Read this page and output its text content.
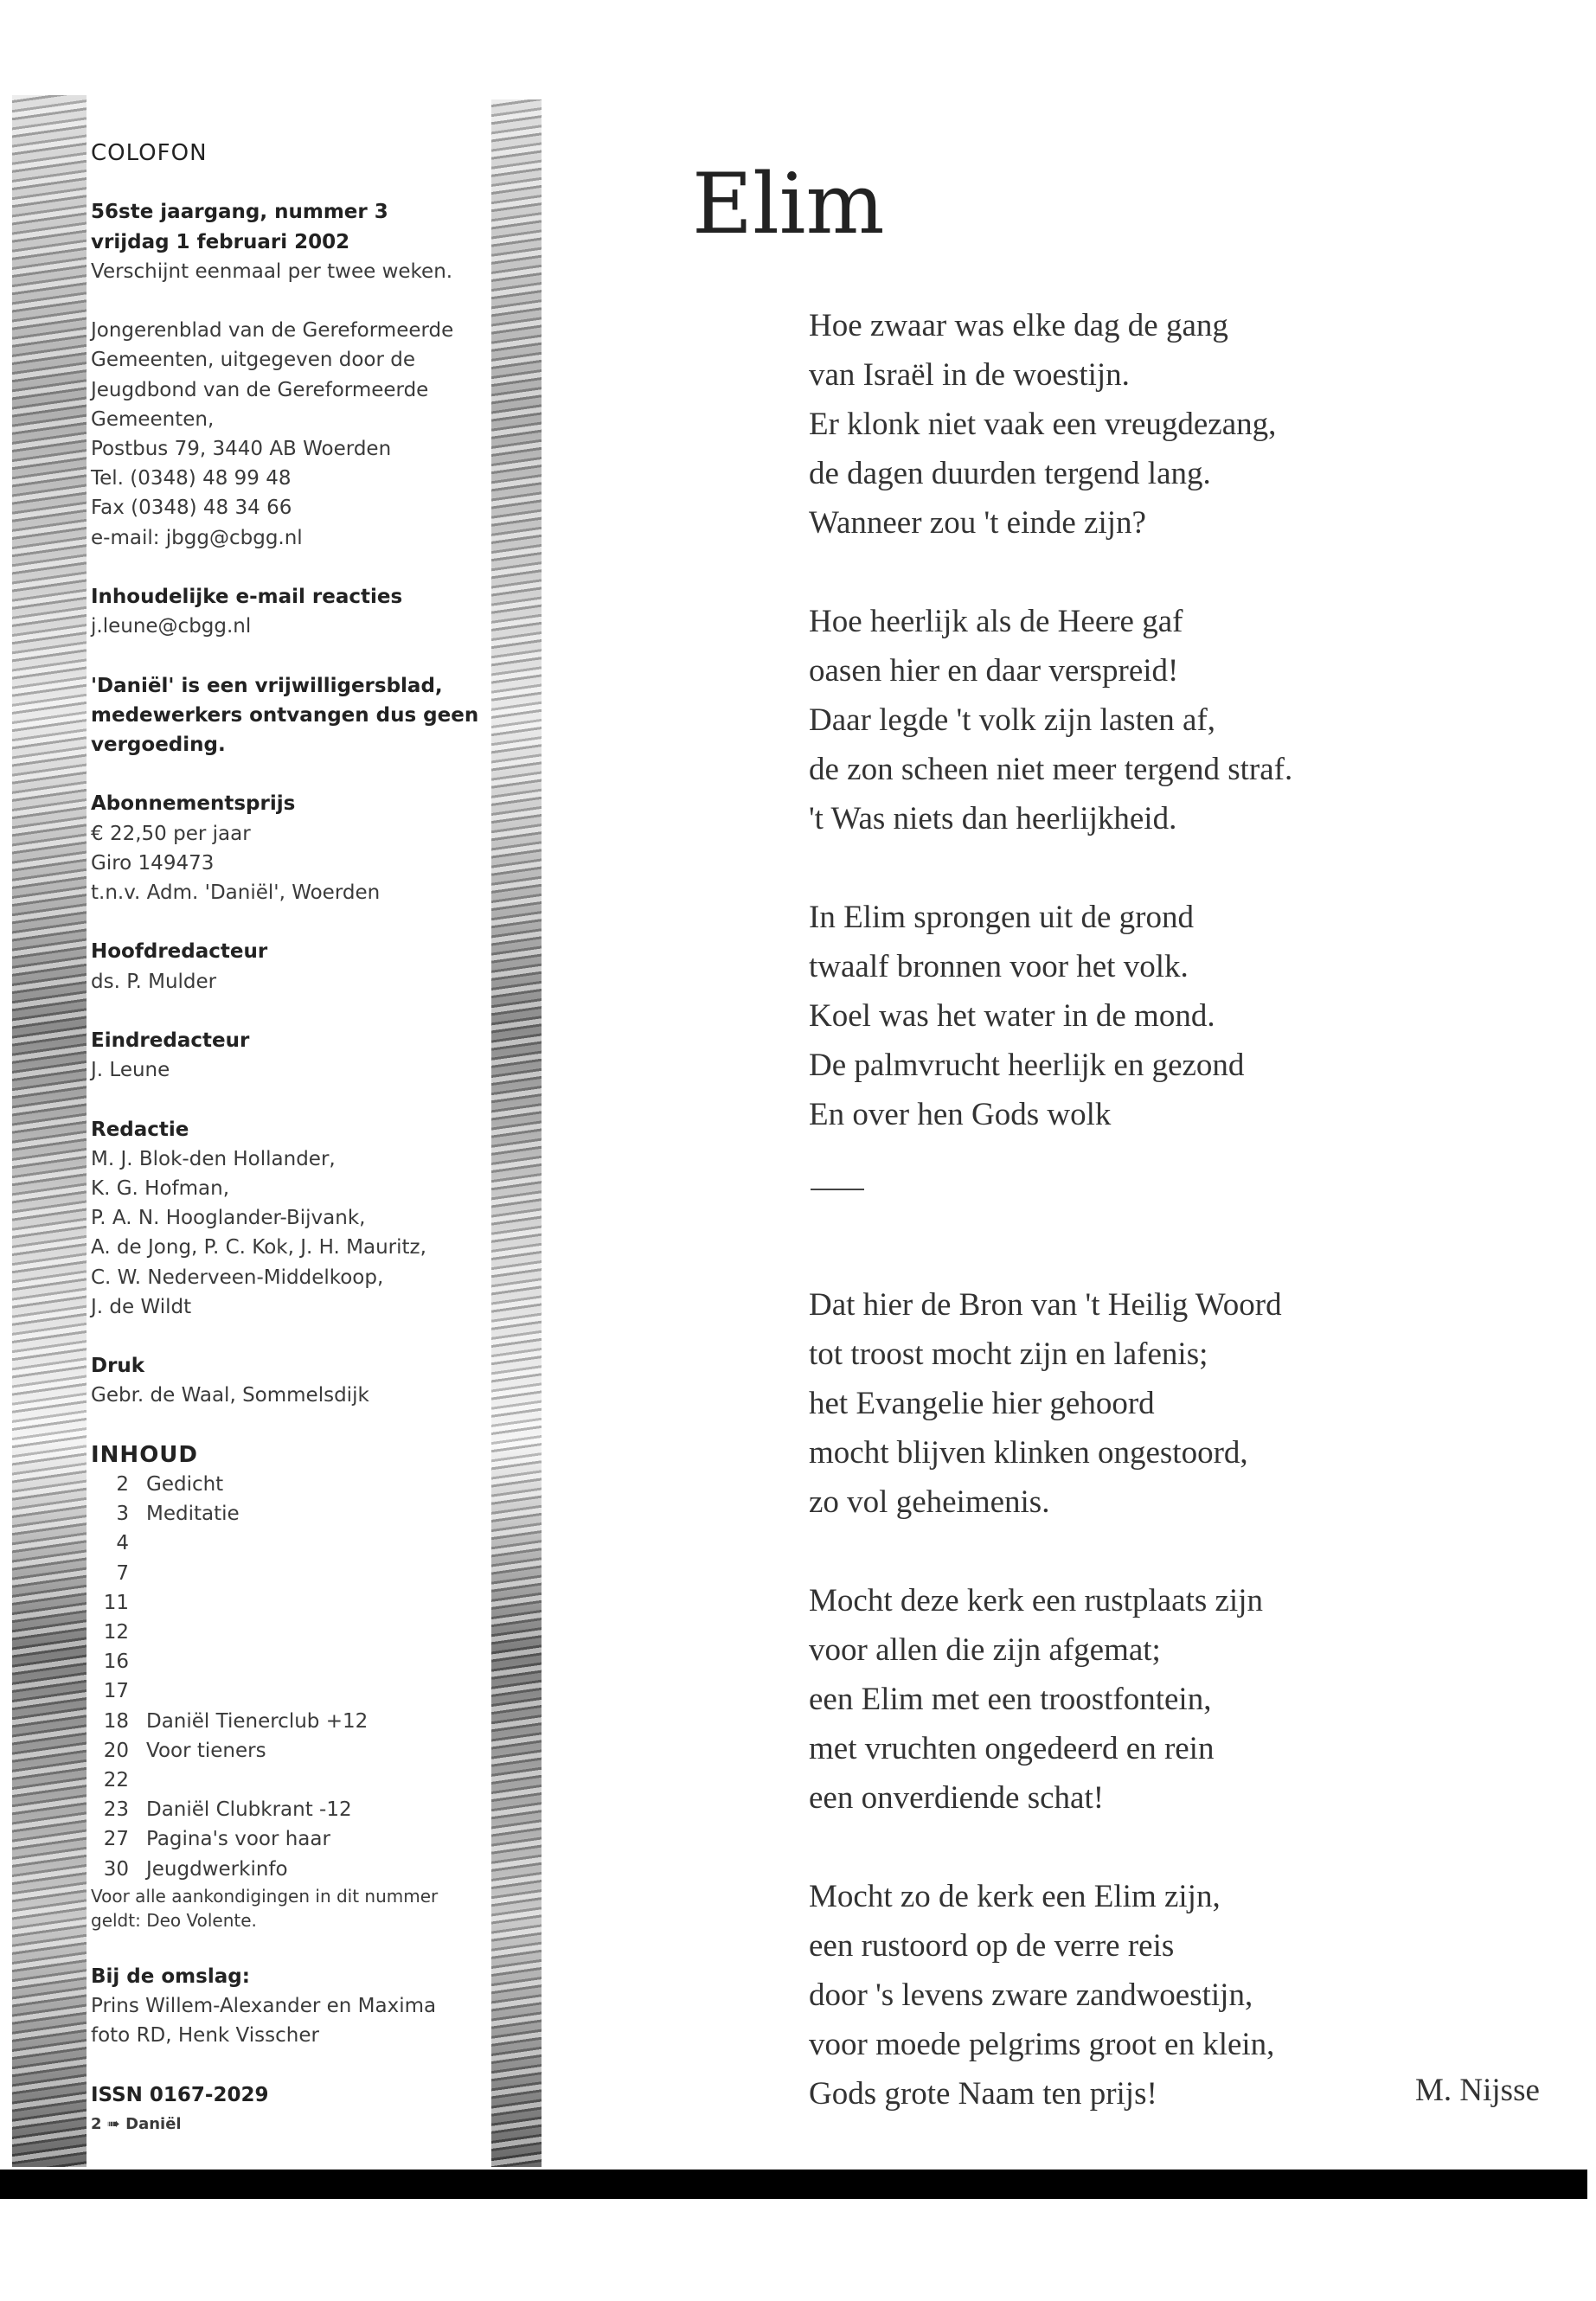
COLOFON
56ste jaargang, nummer 3
vrijdag 1 februari 2002
Verschijnt eenmaal per twee weken.
Jongerenblad van de Gereformeerde
Gemeenten, uitgegeven door de
Jeugdbond van de Gereformeerde
Gemeenten,
Postbus 79, 3440 AB Woerden
Tel. (0348) 48 99 48
Fax (0348) 48 34 66
e-mail: jbgg@cbgg.nl
Inhoudelijke e-mail reacties
j.leune@cbgg.nl
'Daniël' is een vrijwilligersblad,
medewerkers ontvangen dus geen
vergoeding.
Abonnementsprijs
€ 22,50 per jaar
Giro 149473
t.n.v. Adm. 'Daniël', Woerden
Hoofdredacteur
ds. P. Mulder
Eindredacteur
J. Leune
Redactie
M. J. Blok-den Hollander,
K. G. Hofman,
P. A. N. Hooglander-Bijvank,
A. de Jong, P. C. Kok, J. H. Mauritz,
C. W. Nederveen-Middelkoop,
J. de Wildt
Druk
Gebr. de Waal, Sommelsdijk
INHOUD
2 Gedicht
3 Meditatie
4
7
11
12
16
17
18 Daniël Tienerclub +12
20 Voor tieners
22
23 Daniël Clubkrant -12
27 Pagina's voor haar
30 Jeugdwerkinfo
Voor alle aankondigingen in dit nummer
geldt: Deo Volente.
Bij de omslag:
Prins Willem-Alexander en Maxima
foto RD, Henk Visscher
ISSN 0167-2029
2 ➠ Daniël
Elim
Hoe zwaar was elke dag de gang
van Israël in de woestijn.
Er klonk niet vaak een vreugdezang,
de dagen duurden tergend lang.
Wanneer zou 't einde zijn?
Hoe heerlijk als de Heere gaf
oasen hier en daar verspreid!
Daar legde 't volk zijn lasten af,
de zon scheen niet meer tergend straf.
't Was niets dan heerlijkheid.
In Elim sprongen uit de grond
twaalf bronnen voor het volk.
Koel was het water in de mond.
De palmvrucht heerlijk en gezond
En over hen Gods wolk
Dat hier de Bron van 't Heilig Woord
tot troost mocht zijn en lafenis;
het Evangelie hier gehoord
mocht blijven klinken ongestoord,
zo vol geheimenis.
Mocht deze kerk een rustplaats zijn
voor allen die zijn afgemat;
een Elim met een troostfontein,
met vruchten ongedeerd en rein
een onverdiende schat!
Mocht zo de kerk een Elim zijn,
een rustoord op de verre reis
door 's levens zware zandwoestijn,
voor moede pelgrims groot en klein,
Gods grote Naam ten prijs!	M. Nijsse
